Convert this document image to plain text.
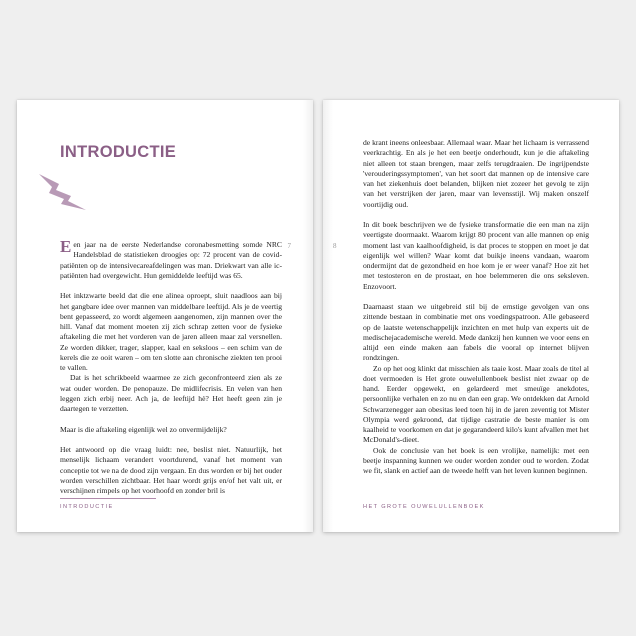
INTRODUCTIE
7

Een jaar na de eerste Nederlandse coronabesmetting somde NRC Handelsblad de statistieken droogjes op: 72 procent van de covid-patiënten op de intensivecareafdelingen was man. Driekwart van alle ic-patiënten had overgewicht. Hun gemiddelde leeftijd was 65.

Het inktzwarte beeld dat die ene alinea oproept, sluit naadloos aan bij het gangbare idee over mannen van middelbare leeftijd. Als je de veertig bent gepasseerd, zo wordt algemeen aangenomen, zijn mannen over the hill. Vanaf dat moment moeten zij zich schrap zetten voor de fysieke aftakeling die met het vorderen van de jaren alleen maar zal versnellen. Ze worden dikker, trager, slapper, kaal en seksloos – een schim van de kerels die ze ooit waren – om ten slotte aan chronische ziekten ten prooi te vallen.

Dat is het schrikbeeld waarmee ze zich geconfronteerd zien als ze wat ouder worden. De penopauze. De midlifecrisis. En velen van hen leggen zich erbij neer. Ach ja, de leeftijd hè? Het heeft geen zin je daartegen te verzetten.

Maar is die aftakeling eigenlijk wel zo onvermijdelijk?

Het antwoord op die vraag luidt: nee, beslist niet. Natuurlijk, het menselijk lichaam verandert voortdurend, vanaf het moment van conceptie tot we na de dood zijn vergaan. En dus worden er bij het ouder worden verschillen zichtbaar. Het haar wordt grijs en/of het valt uit, er verschijnen rimpels op het voorhoofd en zonder bril is

INTRODUCTIE
8

de krant ineens onleesbaar. Allemaal waar. Maar het lichaam is verrassend veerkrachtig. En als je het een beetje onderhoudt, kun je die aftakeling niet alleen tot staan brengen, maar zelfs terugdraaien. De ingrijpendste 'verouderingssymptomen', van het soort dat mannen op de intensive care van het ziekenhuis doet belanden, blijken niet zozeer het gevolg te zijn van het verstrijken der jaren, maar van levensstijl. Wij maken onszelf voortijdig oud.

In dit boek beschrijven we de fysieke transformatie die een man na zijn veertigste doormaakt. Waarom krijgt 80 procent van alle mannen op enig moment last van kaalhoofdigheid, is dat proces te stoppen en moet je dat eigenlijk wel willen? Waar komt dat buikje ineens vandaan, waarom ondermijnt dat de gezondheid en hoe kom je er weer vanaf? Hoe zit het met testosteron en de prostaat, en hoe belemmeren die ons seksleven. Enzovoort.

Daarnaast staan we uitgebreid stil bij de ernstige gevolgen van ons zittende bestaan in combinatie met ons voedingspatroon. Alle gebaseerd op de laatste wetenschappelijk inzichten en met hulp van experts uit de medischejacademische wereld. Mede dankzij hen kunnen we voor eens en altijd een einde maken aan fabels die vooral op internet blijven rondzingen.

Zo op het oog klinkt dat misschien als taaie kost. Maar zoals de titel al doet vermoeden is Het grote ouwelullenboek beslist niet zwaar op de hand. Eerder opgewekt, en gelardeerd met smeuïge anekdotes, persoonlijke verhalen en zo nu en dan een grap. We ontdekken dat Arnold Schwarzenegger aan obesitas leed toen hij in de jaren zeventig tot Mister Olympia werd gekroond, dat tijdige castratie de beste manier is om kaalheid te voorkomen en dat je gegarandeerd kilo's kunt afvallen met het McDonald's-dieet.

Ook de conclusie van het boek is een vrolijke, namelijk: met een beetje inspanning kunnen we ouder worden zonder oud te worden. Zodat we fit, slank en actief aan de tweede helft van het leven kunnen beginnen.

HET GROTE OUWELULLENBOEK
